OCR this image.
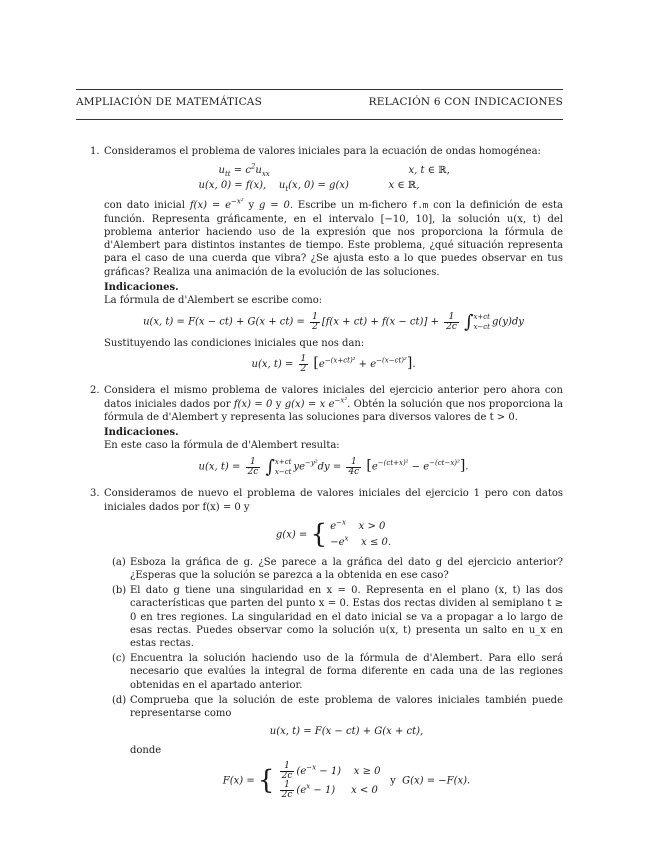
AMPLIACIÓN DE MATEMÁTICAS	RELACIÓN 6 CON INDICACIONES
1. Consideramos el problema de valores iniciales para la ecuación de ondas homogénea:

$u_{tt} = c^2u_{xx}$	x, t ∈ ℝ,
u(x, 0) = f(x),    $u_t(x$, 0) = g(x)	x ∈ ℝ,

con dato inicial $f(x) = e^{-x^2}$ y g = 0. Escribe un m-fichero f.m con la definición de esta función. Representa gráficamente, en el intervalo [−10, 10], la solución u(x, t) del problema anterior haciendo uso de la expresión que nos proporciona la fórmula de d'Alembert para distintos instantes de tiempo. Este problema, ¿qué situación representa para el caso de una cuerda que vibra? ¿Se ajusta esto a lo que puedes observar en tus gráficas? Realiza una animación de la evolución de las soluciones.

Indicaciones.

La fórmula de d'Alembert se escribe como:

u(x, $t) = F(x - ct) + G(x + ct) = \frac{1}{2} [f(x + ct) + f(x - ct)] + \frac{1}{2c}$ ∫ x+ct
x−ct g(y)dy

Sustituyendo las condiciones iniciales que nos dan:

u(x, $t) = \frac{1}{2} [e^{-(x+ct)^2} + e^{-(x-ct)^2}]$.
2. Considera el mismo problema de valores iniciales del ejercicio anterior pero ahora con datos iniciales dados por f(x) = 0 y g(x) = x $e^{-x^2}$. Obtén la solución que nos proporciona la fórmula de d'Alembert y representa las soluciones para diversos valores de t > 0.

Indicaciones.

En este caso la fórmula de d'Alembert resulta:

u(x, $t) = \frac{1}{2c}$ ∫ x+ct
x−ct $ye^{-y^2}dy = \frac{1}{4c} [e^{-(ct+x)^2} - e^{-(ct-x)^2}]$.
3. Consideramos de nuevo el problema de valores iniciales del ejercicio 1 pero con datos iniciales dados por f(x) = 0 y

g(x) = { $e^{-x}$    x > 0
$-e^x$    x ≤ 0.
(a) Esboza la gráfica de g. ¿Se parece a la gráfica del dato g del ejercicio anterior? ¿Esperas que la solución se parezca a la obtenida en ese caso?

(b) El dato g tiene una singularidad en x = 0. Representa en el plano (x, t) las dos características que parten del punto x = 0. Estas dos rectas dividen al semiplano t ≥ 0 en tres regiones. La singularidad en el dato inicial se va a propagar a lo largo de esas rectas. Puedes observar como la solución u(x, t) presenta un salto en u_x en estas rectas.

(c) Encuentra la solución haciendo uso de la fórmula de d'Alembert. Para ello será necesario que evalúes la integral de forma diferente en cada una de las regiones obtenidas en el apartado anterior.

(d) Comprueba que la solución de este problema de valores iniciales también puede representarse como

u(x, t) = F(x − ct) + G(x + ct),

donde

F(x) = { $\frac{1}{2c} (e^{-x} - 1)$    x ≥ 0
$\frac{1}{2c} (e^x - 1)$     x < 0
y  G(x) = −F(x).
